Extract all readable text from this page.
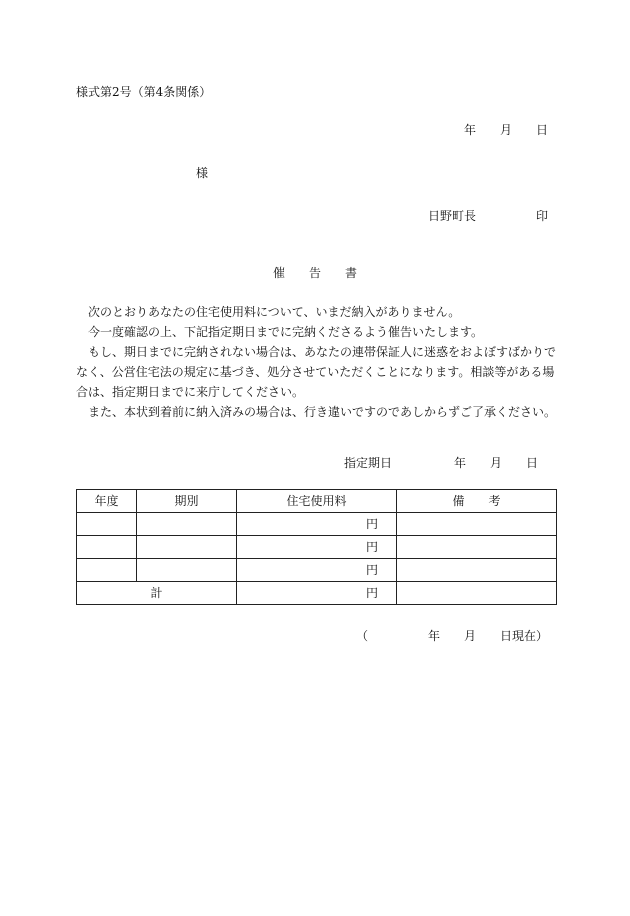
様式第2号（第4条関係）
年　　月　　日
様
日野町長　　　　　印
催　　告　　書

次のとおりあなたの住宅使用料について、いまだ納入がありません。

今一度確認の上、下記指定期日までに完納くださるよう催告いたします。

もし、期日までに完納されない場合は、あなたの連帯保証人に迷惑をおよぼすばかりでなく、公営住宅法の規定に基づき、処分させていただくことになります。相談等がある場合は、指定期日までに来庁してください。

また、本状到着前に納入済みの場合は、行き違いですのであしからずご了承ください。

指定期日	年　　月　　日
年度	期別	住宅使用料	備　　考
		円	
		円	
		円	
計		円	
（　　　　　年　　月　　日現在）
